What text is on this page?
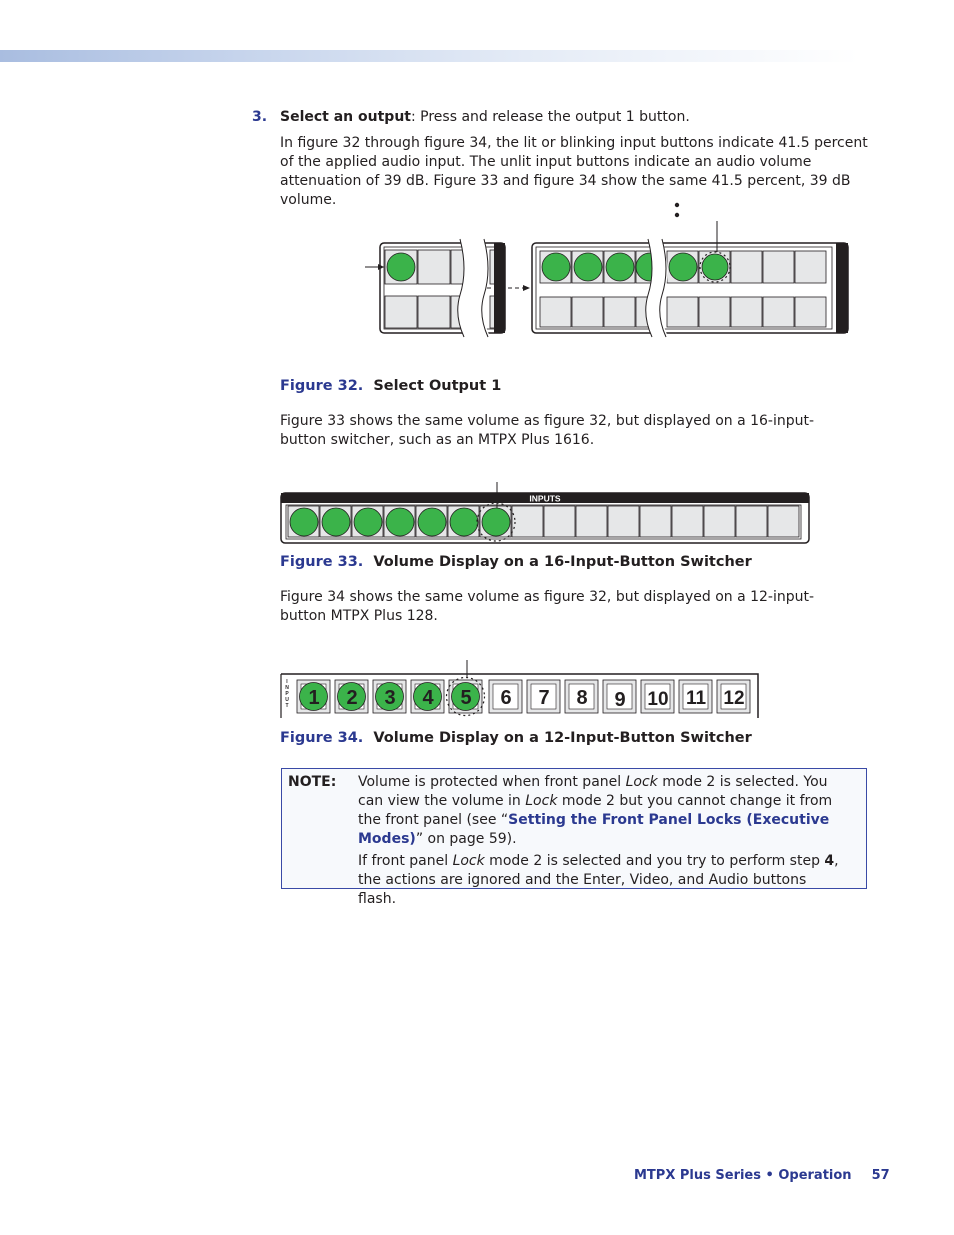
3. Select an output: Press and release the output 1 button.
In figure 32 through figure 34, the lit or blinking input buttons indicate 41.5 percent of the applied audio input. The unlit input buttons indicate an audio volume attenuation of 39 dB. Figure 33 and figure 34 show the same 41.5 percent, 39 dB volume.
Figure 32. Select Output 1
Figure 33 shows the same volume as figure 32, but displayed on a 16-input-button switcher, such as an MTPX Plus 1616.
INPUTS
Figure 33. Volume Display on a 16-Input-Button Switcher
Figure 34 shows the same volume as figure 32, but displayed on a 12-input-button MTPX Plus 128.
I
N
P
U
T 1 2 3 4 5 6 7 8 9 10 11 12
Figure 34. Volume Display on a 12-Input-Button Switcher
NOTE: Volume is protected when front panel Lock mode 2 is selected. You can view the volume in Lock mode 2 but you cannot change it from the front panel (see “Setting the Front Panel Locks (Executive Modes)” on page 59).

If front panel Lock mode 2 is selected and you try to perform step 4, the actions are ignored and the Enter, Video, and Audio buttons flash.

MTPX Plus Series • Operation 57
